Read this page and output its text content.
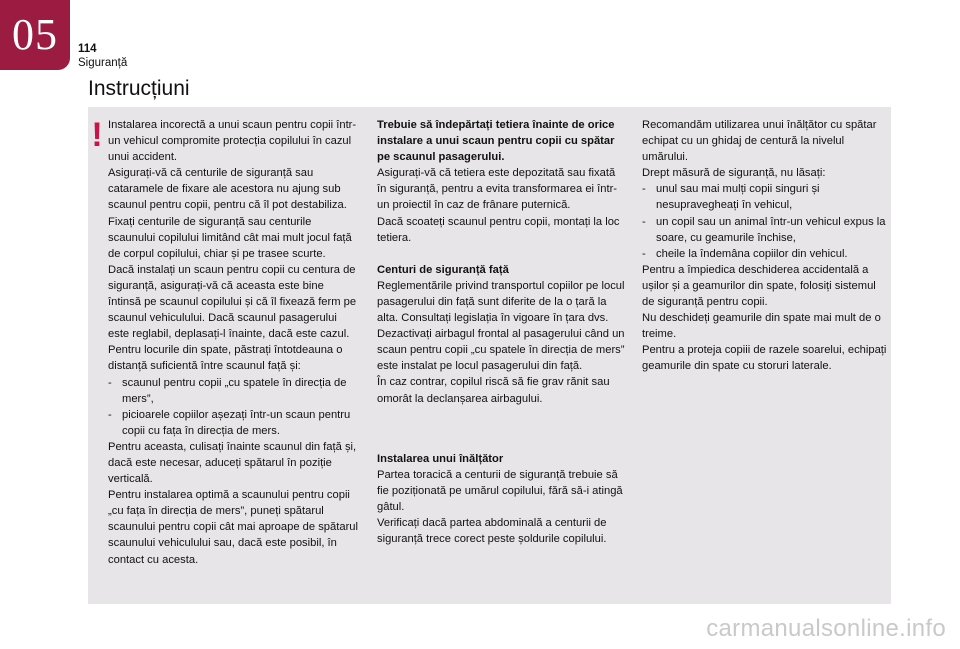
05	114
Siguranță
Instrucțiuni
! Instalarea incorectă a unui scaun pentru copii într-un vehicul compromite protecția copilului în cazul unui accident.

Asigurați-vă că centurile de siguranță sau cataramele de fixare ale acestora nu ajung sub scaunul pentru copii, pentru că îl pot destabiliza.

Fixați centurile de siguranță sau centurile scaunului copilului limitând cât mai mult jocul față de corpul copilului, chiar și pe trasee scurte.

Dacă instalați un scaun pentru copii cu centura de siguranță, asigurați-vă că aceasta este bine întinsă pe scaunul copilului și că îl fixează ferm pe scaunul vehiculului. Dacă scaunul pasagerului este reglabil, deplasați-l înainte, dacă este cazul.

Pentru locurile din spate, păstrați întotdeauna o distanță suficientă între scaunul față și:

- scaunul pentru copii „cu spatele în direcția de mers”,
- picioarele copiilor așezați într-un scaun pentru copii cu fața în direcția de mers.

Pentru aceasta, culisați înainte scaunul din față și, dacă este necesar, aduceți spătarul în poziție verticală.

Pentru instalarea optimă a scaunului pentru copii „cu fața în direcția de mers”, puneți spătarul scaunului pentru copii cât mai aproape de spătarul scaunului vehiculului sau, dacă este posibil, în contact cu acesta.

Trebuie să îndepărtați tetiera înainte de orice instalare a unui scaun pentru copii cu spătar pe scaunul pasagerului.

Asigurați-vă că tetiera este depozitată sau fixată în siguranță, pentru a evita transformarea ei într-un proiectil în caz de frânare puternică.

Dacă scoateți scaunul pentru copii, montați la loc tetiera.

Centuri de siguranță față

Reglementările privind transportul copiilor pe locul pasagerului din față sunt diferite de la o țară la alta. Consultați legislația în vigoare în țara dvs.

Dezactivați airbagul frontal al pasagerului când un scaun pentru copii „cu spatele în direcția de mers” este instalat pe locul pasagerului din față.

În caz contrar, copilul riscă să fie grav rănit sau omorât la declanșarea airbagului.

Instalarea unui înălțător

Partea toracică a centurii de siguranță trebuie să fie poziționată pe umărul copilului, fără să-i atingă gâtul.

Verificați dacă partea abdominală a centurii de siguranță trece corect peste șoldurile copilului.

Recomandăm utilizarea unui înălțător cu spătar echipat cu un ghidaj de centură la nivelul umărului.

Drept măsură de siguranță, nu lăsați:

- unul sau mai mulți copii singuri și nesupravegheați în vehicul,
- un copil sau un animal într-un vehicul expus la soare, cu geamurile închise,
- cheile la îndemâna copiilor din vehicul.

Pentru a împiedica deschiderea accidentală a ușilor și a geamurilor din spate, folosiți sistemul de siguranță pentru copii.

Nu deschideți geamurile din spate mai mult de o treime.

Pentru a proteja copiii de razele soarelui, echipați geamurile din spate cu storuri laterale.

carmanualsonline.info
